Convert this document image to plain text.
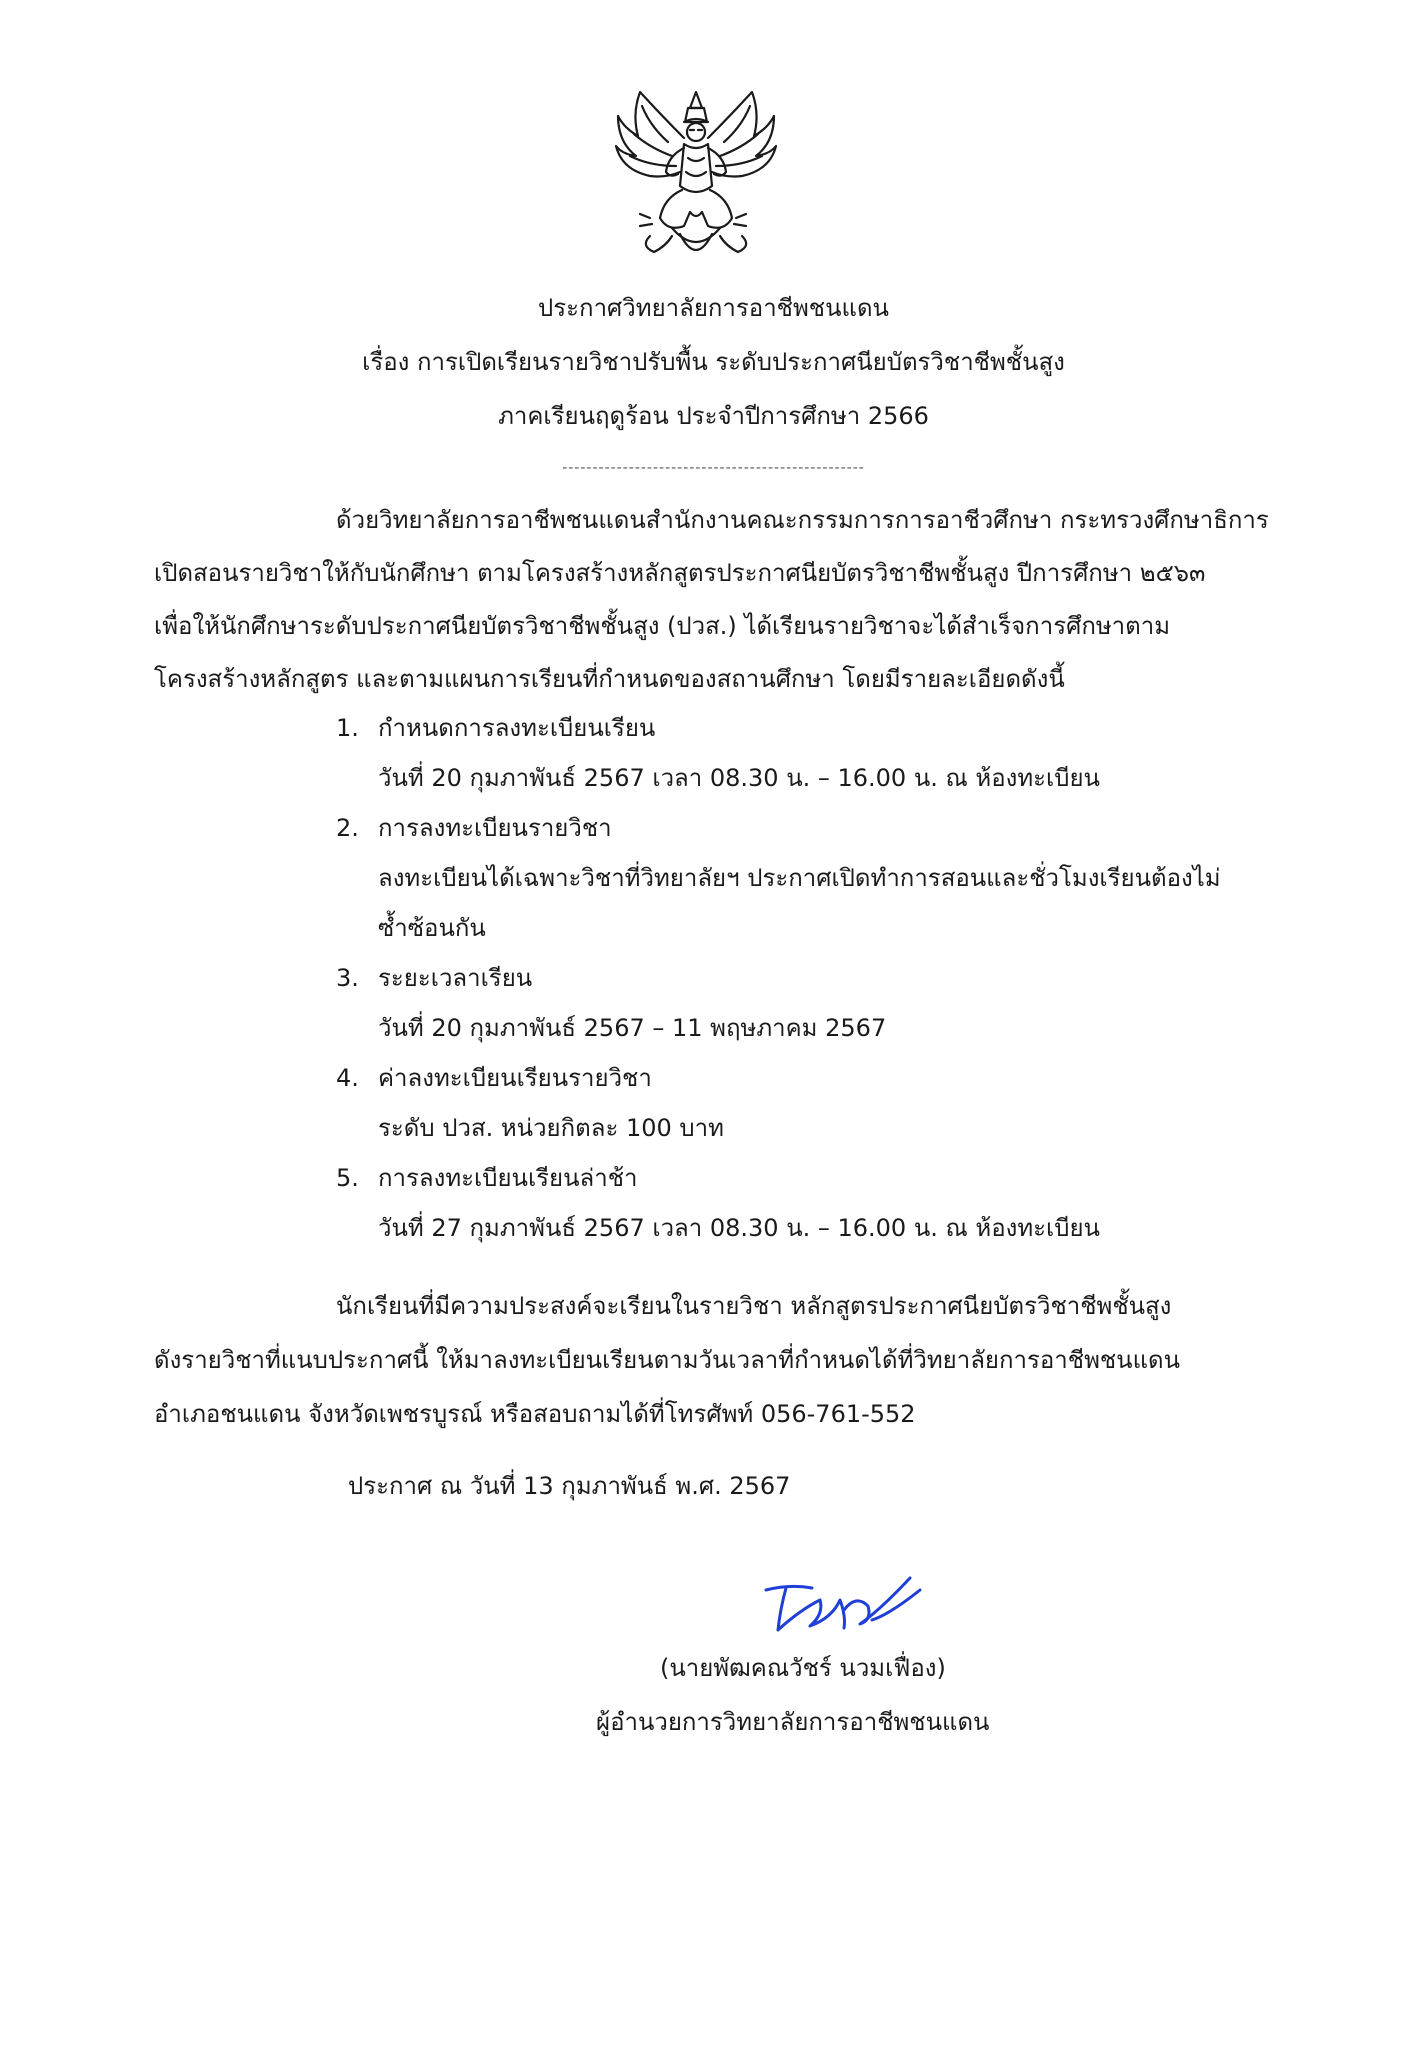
ประกาศวิทยาลัยการอาชีพชนแดน
เรื่อง การเปิดเรียนรายวิชาปรับพื้น ระดับประกาศนียบัตรวิชาชีพชั้นสูง
ภาคเรียนฤดูร้อน ประจำปีการศึกษา 2566
--------------------------------------------------
ด้วยวิทยาลัยการอาชีพชนแดนสำนักงานคณะกรรมการการอาชีวศึกษา กระทรวงศึกษาธิการ
เปิดสอนรายวิชาให้กับนักศึกษา ตามโครงสร้างหลักสูตรประกาศนียบัตรวิชาชีพชั้นสูง ปีการศึกษา ๒๕๖๓
เพื่อให้นักศึกษาระดับประกาศนียบัตรวิชาชีพชั้นสูง (ปวส.) ได้เรียนรายวิชาจะได้สำเร็จการศึกษาตาม
โครงสร้างหลักสูตร และตามแผนการเรียนที่กำหนดของสถานศึกษา โดยมีรายละเอียดดังนี้
1. กำหนดการลงทะเบียนเรียน
วันที่ 20 กุมภาพันธ์ 2567 เวลา 08.30 น. – 16.00 น. ณ ห้องทะเบียน
2. การลงทะเบียนรายวิชา
ลงทะเบียนได้เฉพาะวิชาที่วิทยาลัยฯ ประกาศเปิดทำการสอนและชั่วโมงเรียนต้องไม่
ซ้ำซ้อนกัน
3. ระยะเวลาเรียน
วันที่ 20 กุมภาพันธ์ 2567 – 11 พฤษภาคม 2567
4. ค่าลงทะเบียนเรียนรายวิชา
ระดับ ปวส. หน่วยกิตละ 100 บาท
5. การลงทะเบียนเรียนล่าช้า
วันที่ 27 กุมภาพันธ์ 2567 เวลา 08.30 น. – 16.00 น. ณ ห้องทะเบียน
นักเรียนที่มีความประสงค์จะเรียนในรายวิชา หลักสูตรประกาศนียบัตรวิชาชีพชั้นสูง
ดังรายวิชาที่แนบประกาศนี้ ให้มาลงทะเบียนเรียนตามวันเวลาที่กำหนดได้ที่วิทยาลัยการอาชีพชนแดน
อำเภอชนแดน จังหวัดเพชรบูรณ์ หรือสอบถามได้ที่โทรศัพท์ 056-761-552
ประกาศ ณ วันที่ 13 กุมภาพันธ์ พ.ศ. 2567
(นายพัฒคณวัชร์ นวมเฟื่อง)
ผู้อำนวยการวิทยาลัยการอาชีพชนแดน
